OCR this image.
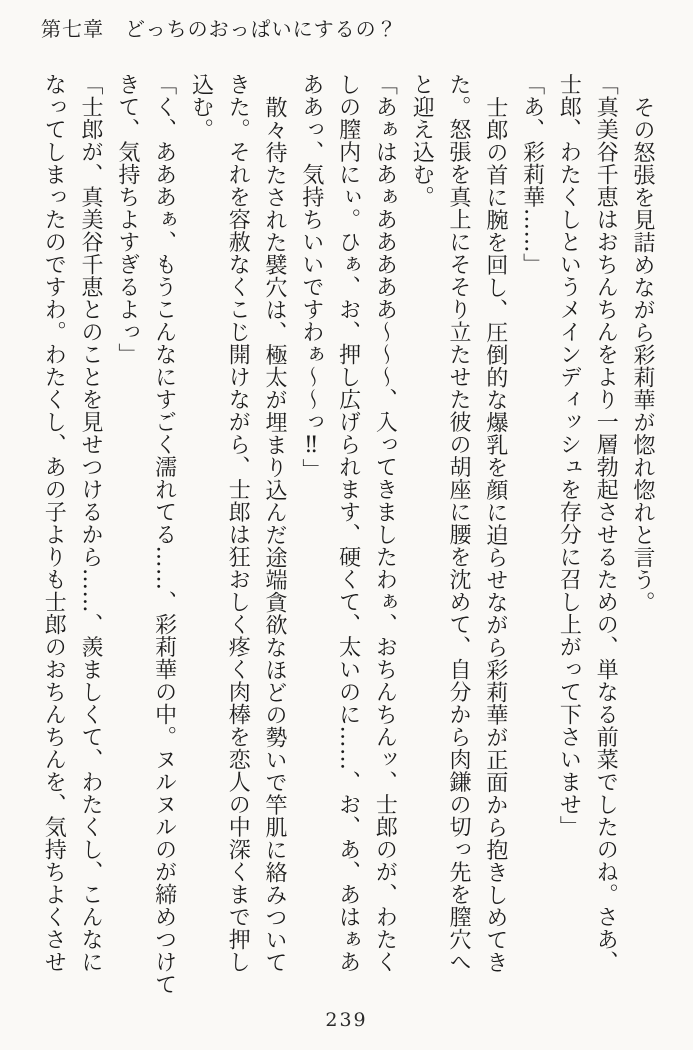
第七章 どっちのおっぱいにするの？

その怒張を見詰めながら彩莉華が惚れ惚れと言う。

「真美谷千恵はおちんちんをより一層勃起させるための、単なる前菜でしたのね。さあ、

士郎、わたくしというメインディッシュを存分に召し上がって下さいませ」

「あ、彩莉華……」

士郎の首に腕を回し、圧倒的な爆乳を顔に迫らせながら彩莉華が正面から抱きしめてき

た。怒張を真上にそそり立たせた彼の胡座に腰を沈めて、自分から肉鎌の切っ先を膣穴へ

と迎え込む。

「あぁはあぁあああああ～～～、入ってきましたわぁ、おちんちんッ、士郎のが、わたく

しの膣内にぃ。ひぁ、お、押し広げられます、硬くて、太いのに……、お、あ、あはぁあ

ああっ、気持ちいいですわぁ～～っ‼」

散々待たされた襞穴は、極太が埋まり込んだ途端貪欲なほどの勢いで竿肌に絡みついて

きた。それを容赦なくこじ開けながら、士郎は狂おしく疼く肉棒を恋人の中深くまで押し

込む。

「く、あああぁ、もうこんなにすごく濡れてる……、彩莉華の中。ヌルヌルのが締めつけて

きて、気持ちよすぎるよっ」

「士郎が、真美谷千恵とのことを見せつけるから……、羨ましくて、わたくし、こんなに

なってしまったのですわ。わたくし、あの子よりも士郎のおちんちんを、気持ちよくさせ

239
